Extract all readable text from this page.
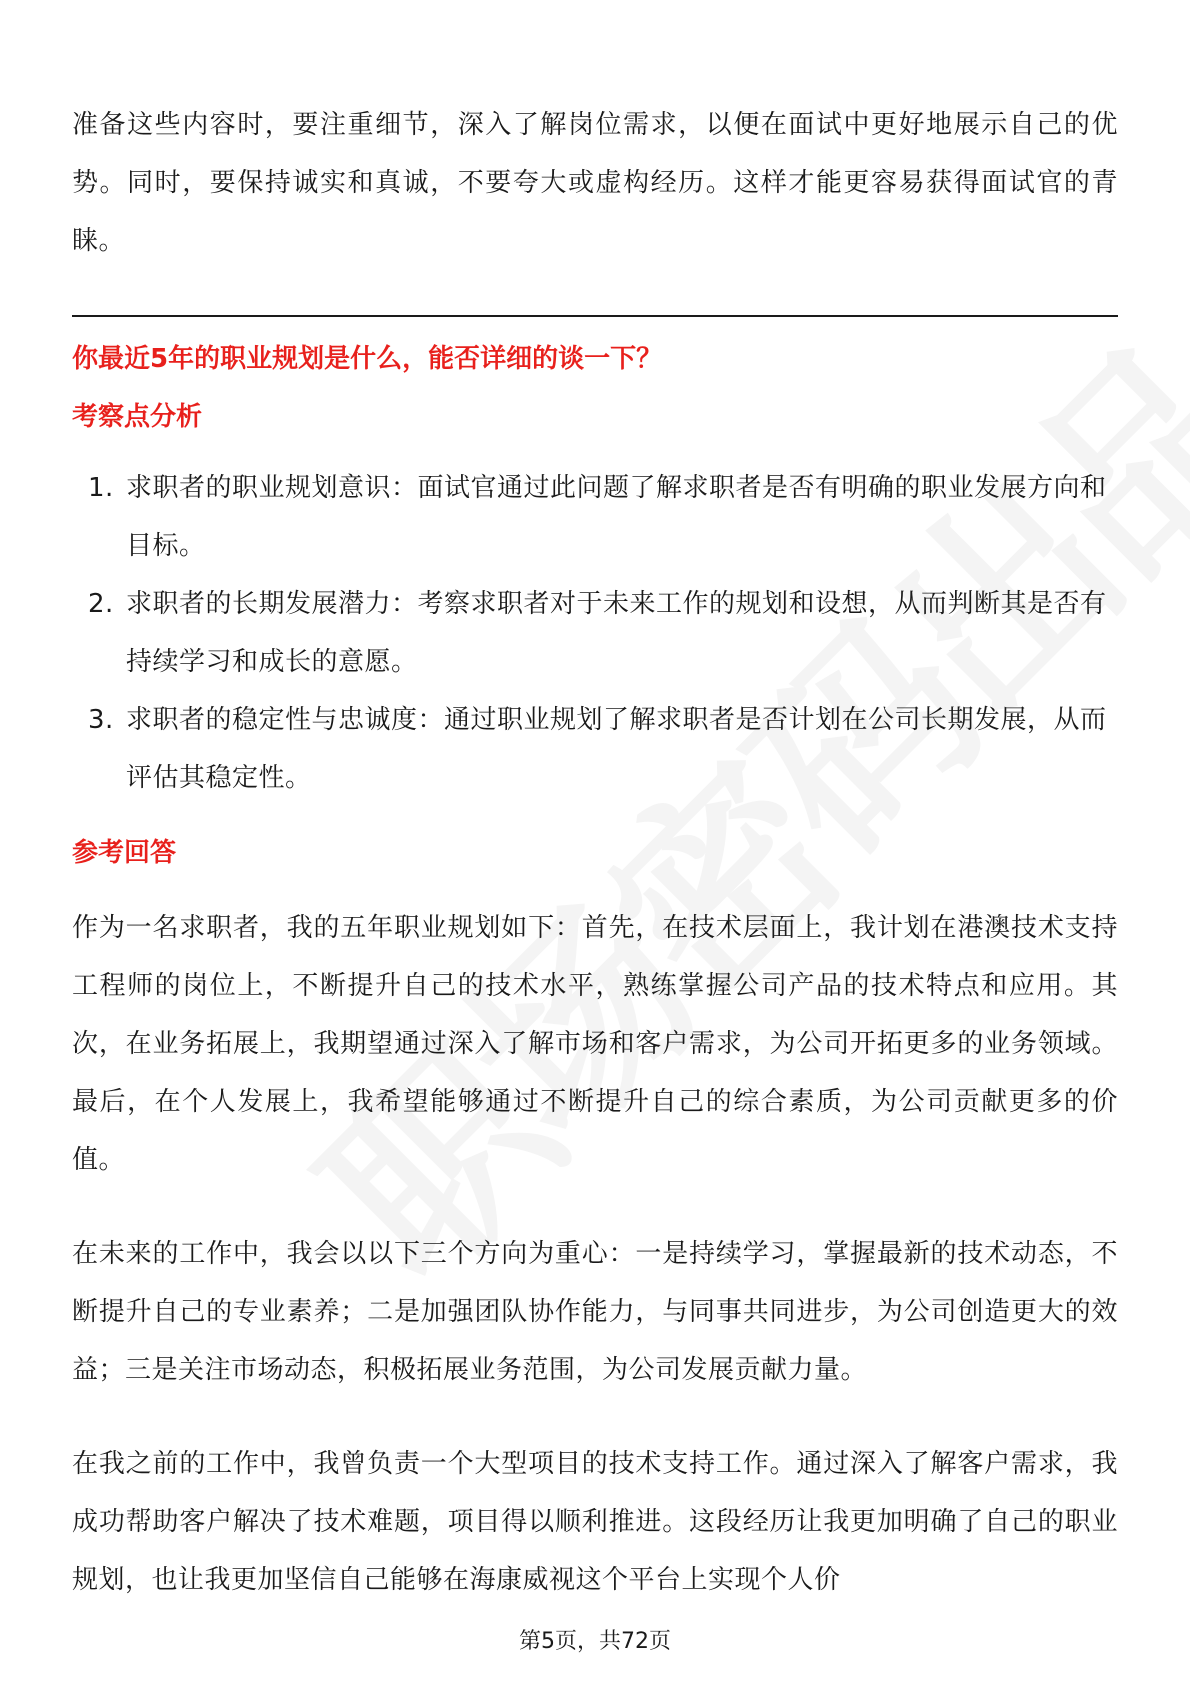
准备这些内容时，要注重细节，深入了解岗位需求，以便在面试中更好地展示自己的优势。同时，要保持诚实和真诚，不要夸大或虚构经历。这样才能更容易获得面试官的青睐。

你最近5年的职业规划是什么，能否详细的谈一下？
考察点分析
1. 求职者的职业规划意识：面试官通过此问题了解求职者是否有明确的职业发展方向和目标。
2. 求职者的长期发展潜力：考察求职者对于未来工作的规划和设想，从而判断其是否有持续学习和成长的意愿。
3. 求职者的稳定性与忠诚度：通过职业规划了解求职者是否计划在公司长期发展，从而评估其稳定性。
参考回答

作为一名求职者，我的五年职业规划如下：首先，在技术层面上，我计划在港澳技术支持工程师的岗位上，不断提升自己的技术水平，熟练掌握公司产品的技术特点和应用。其次，在业务拓展上，我期望通过深入了解市场和客户需求，为公司开拓更多的业务领域。最后，在个人发展上，我希望能够通过不断提升自己的综合素质，为公司贡献更多的价值。

在未来的工作中，我会以以下三个方向为重心：一是持续学习，掌握最新的技术动态，不断提升自己的专业素养；二是加强团队协作能力，与同事共同进步，为公司创造更大的效益；三是关注市场动态，积极拓展业务范围，为公司发展贡献力量。

在我之前的工作中，我曾负责一个大型项目的技术支持工作。通过深入了解客户需求，我成功帮助客户解决了技术难题，项目得以顺利推进。这段经历让我更加明确了自己的职业规划，也让我更加坚信自己能够在海康威视这个平台上实现个人价

第5页，共72页
